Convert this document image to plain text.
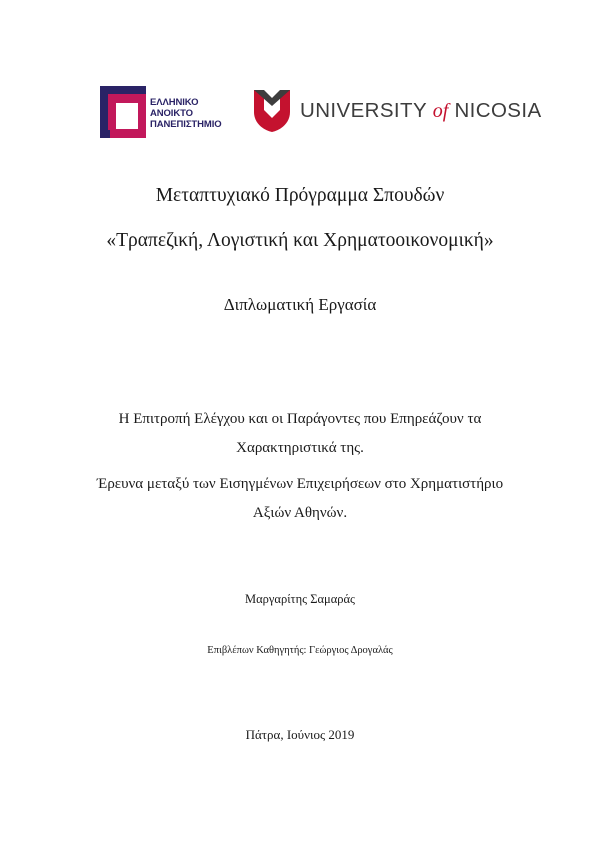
ΕΛΛΗΝΙΚΟ
ΑΝΟΙΚΤΟ
ΠΑΝΕΠΙΣΤΗΜΙΟ
UNIVERSITY of NICOSIA
Μεταπτυχιακό Πρόγραμμα Σπουδών
«Τραπεζική, Λογιστική και Χρηματοοικονομική»
Διπλωματική Εργασία
Η Επιτροπή Ελέγχου και οι Παράγοντες που Επηρεάζουν τα
Χαρακτηριστικά της.
Έρευνα μεταξύ των Εισηγμένων Επιχειρήσεων στο Χρηματιστήριο
Αξιών Αθηνών.
Μαργαρίτης Σαμαράς
Επιβλέπων Καθηγητής: Γεώργιος Δρογαλάς
Πάτρα, Ιούνιος 2019
